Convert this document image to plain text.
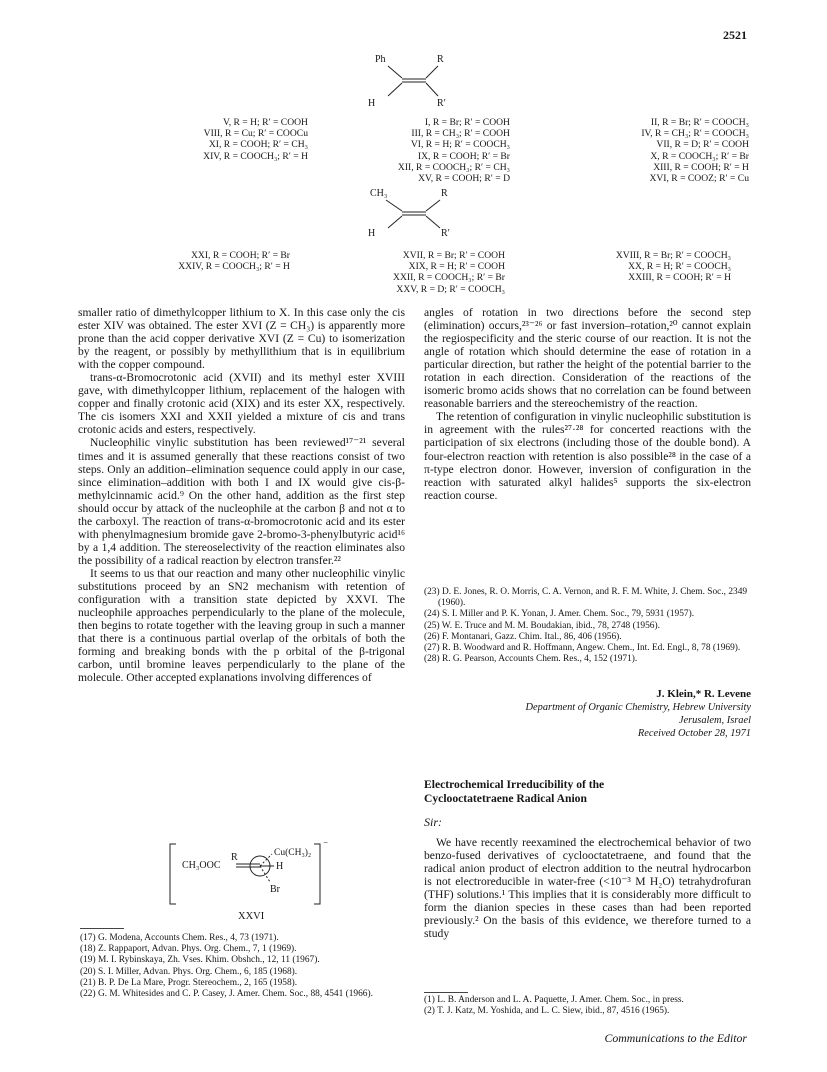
2521
Ph	R
H	R′
V, R = H; R′ = COOH
VIII, R = Cu; R′ = COOCu
XI, R = COOH; R′ = CH₃
XIV, R = COOCH₃; R′ = H
I, R = Br; R′ = COOH
III, R = CH₃; R′ = COOH
VI, R = H; R′ = COOCH₃
IX, R = COOH; R′ = Br
XII, R = COOCH₃; R′ = CH₃
XV, R = COOH; R′ = D
II, R = Br; R′ = COOCH₃
IV, R = CH₃; R′ = COOCH₃
VII, R = D; R′ = COOH
X, R = COOCH₃; R′ = Br
XIII, R = COOH; R′ = H
XVI, R = COOZ; R′ = Cu
CH₃	R
H	R′
XXI, R = COOH; R′ = Br
XXIV, R = COOCH₃; R′ = H
XVII, R = Br; R′ = COOH
XIX, R = H; R′ = COOH
XXII, R = COOCH₃; R′ = Br
XXV, R = D; R′ = COOCH₃
XVIII, R = Br; R′ = COOCH₃
XX, R = H; R′ = COOCH₃
XXIII, R = COOH; R′ = H

smaller ratio of dimethylcopper lithium to X. In this case only the cis ester XIV was obtained. The ester XVI (Z = CH₃) is apparently more prone than the acid copper derivative XVI (Z = Cu) to isomerization by the reagent, or possibly by methyllithium that is in equilibrium with the copper compound.

trans-α-Bromocrotonic acid (XVII) and its methyl ester XVIII gave, with dimethylcopper lithium, replacement of the halogen with copper and finally crotonic acid (XIX) and its ester XX, respectively. The cis isomers XXI and XXII yielded a mixture of cis and trans crotonic acids and esters, respectively.

Nucleophilic vinylic substitution has been reviewed¹⁷⁻²¹ several times and it is assumed generally that these reactions consist of two steps. Only an addition–elimination sequence could apply in our case, since elimination–addition with both I and IX would give cis-β-methylcinnamic acid.⁹ On the other hand, addition as the first step should occur by attack of the nucleophile at the carbon β and not α to the carboxyl. The reaction of trans-α-bromocrotonic acid and its ester with phenylmagnesium bromide gave 2-bromo-3-phenylbutyric acid¹⁶ by a 1,4 addition. The stereoselectivity of the reaction eliminates also the possibility of a radical reaction by electron transfer.²²

It seems to us that our reaction and many other nucleophilic vinylic substitutions proceed by an SN2 mechanism with retention of configuration with a transition state depicted by XXVI. The nucleophile approaches perpendicularly to the plane of the molecule, then begins to rotate together with the leaving group in such a manner that there is a continuous partial overlap of the orbitals of both the forming and breaking bonds with the p orbital of the β-trigonal carbon, until bromine leaves perpendicularly to the plane of the molecule. Other accepted explanations involving differences of

CH₃OOC
R	Cu(CH₃)₂
H
Br
⁻
XXVI
(17) G. Modena, Accounts Chem. Res., 4, 73 (1971).
(18) Z. Rappaport, Advan. Phys. Org. Chem., 7, 1 (1969).
(19) M. I. Rybinskaya, Zh. Vses. Khim. Obshch., 12, 11 (1967).
(20) S. I. Miller, Advan. Phys. Org. Chem., 6, 185 (1968).
(21) B. P. De La Mare, Progr. Stereochem., 2, 165 (1958).
(22) G. M. Whitesides and C. P. Casey, J. Amer. Chem. Soc., 88, 4541 (1966).

angles of rotation in two directions before the second step (elimination) occurs,²³⁻²⁶ or fast inversion–rotation,²⁰ cannot explain the regiospecificity and the steric course of our reaction. It is not the angle of rotation which should determine the ease of rotation in a particular direction, but rather the height of the potential barrier to the rotation in each direction. Consideration of the reactions of the isomeric bromo acids shows that no correlation can be found between reasonable barriers and the stereochemistry of the reaction.

The retention of configuration in vinylic nucleophilic substitution is in agreement with the rules²⁷·²⁸ for concerted reactions with the participation of six electrons (including those of the double bond). A four-electron reaction with retention is also possible²⁸ in the case of a π-type electron donor. However, inversion of configuration in the reaction with saturated alkyl halides⁵ supports the six-electron reaction course.

(23) D. E. Jones, R. O. Morris, C. A. Vernon, and R. F. M. White, J. Chem. Soc., 2349 (1960).
(24) S. I. Miller and P. K. Yonan, J. Amer. Chem. Soc., 79, 5931 (1957).
(25) W. E. Truce and M. M. Boudakian, ibid., 78, 2748 (1956).
(26) F. Montanari, Gazz. Chim. Ital., 86, 406 (1956).
(27) R. B. Woodward and R. Hoffmann, Angew. Chem., Int. Ed. Engl., 8, 78 (1969).
(28) R. G. Pearson, Accounts Chem. Res., 4, 152 (1971).
J. Klein,* R. Levene
Department of Organic Chemistry, Hebrew University
Jerusalem, Israel
Received October 28, 1971
Electrochemical Irreducibility of the
Cyclooctatetraene Radical Anion
Sir:

We have recently reexamined the electrochemical behavior of two benzo-fused derivatives of cyclooctatetraene, and found that the radical anion product of electron addition to the neutral hydrocarbon is not electroreducible in water-free (<10⁻³ M H₂O) tetrahydrofuran (THF) solutions.¹ This implies that it is considerably more difficult to form the dianion species in these cases than had been reported previously.² On the basis of this evidence, we therefore turned to a study

(1) L. B. Anderson and L. A. Paquette, J. Amer. Chem. Soc., in press.
(2) T. J. Katz, M. Yoshida, and L. C. Siew, ibid., 87, 4516 (1965).
Communications to the Editor
